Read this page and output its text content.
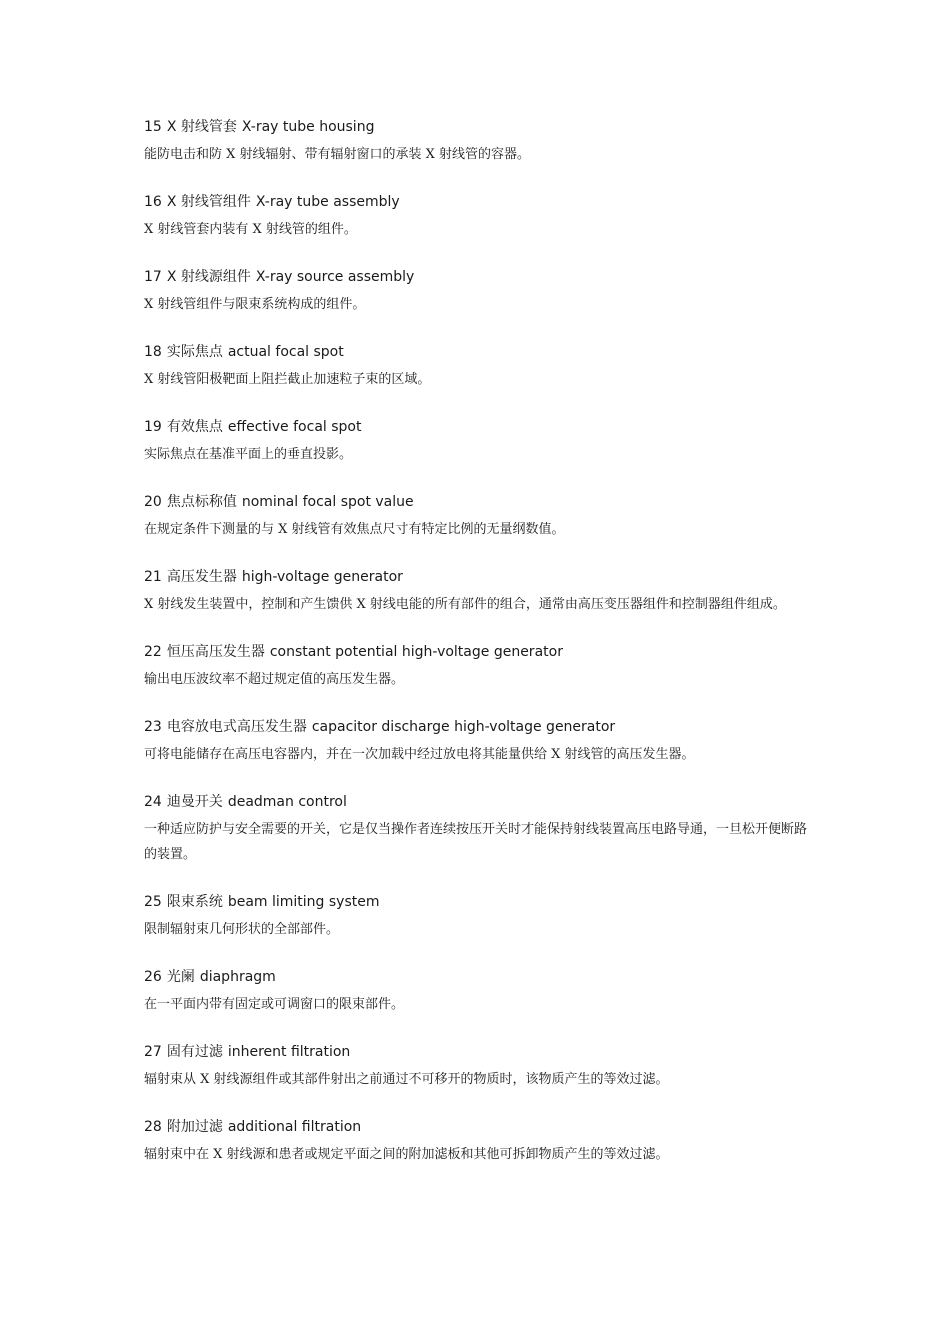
15 X 射线管套 X-ray tube housing

能防电击和防 X 射线辐射、带有辐射窗口的承装 X 射线管的容器。

16 X 射线管组件 X-ray tube assembly

X 射线管套内装有 X 射线管的组件。

17 X 射线源组件 X-ray source assembly

X 射线管组件与限束系统构成的组件。

18 实际焦点 actual focal spot

X 射线管阳极靶面上阻拦截止加速粒子束的区域。

19 有效焦点 effective focal spot

实际焦点在基准平面上的垂直投影。

20 焦点标称值 nominal focal spot value

在规定条件下测量的与 X 射线管有效焦点尺寸有特定比例的无量纲数值。

21 高压发生器 high-voltage generator

X 射线发生装置中，控制和产生馈供 X 射线电能的所有部件的组合，通常由高压变压器组件和控制器组件组成。

22 恒压高压发生器 constant potential high-voltage generator

输出电压波纹率不超过规定值的高压发生器。

23 电容放电式高压发生器 capacitor discharge high-voltage generator

可将电能储存在高压电容器内，并在一次加载中经过放电将其能量供给 X 射线管的高压发生器。

24 迪曼开关 deadman control

一种适应防护与安全需要的开关，它是仅当操作者连续按压开关时才能保持射线装置高压电路导通，一旦松开便断路的装置。

25 限束系统 beam limiting system

限制辐射束几何形状的全部部件。

26 光阑 diaphragm

在一平面内带有固定或可调窗口的限束部件。

27 固有过滤 inherent filtration

辐射束从 X 射线源组件或其部件射出之前通过不可移开的物质时，该物质产生的等效过滤。

28 附加过滤 additional filtration

辐射束中在 X 射线源和患者或规定平面之间的附加滤板和其他可拆卸物质产生的等效过滤。
